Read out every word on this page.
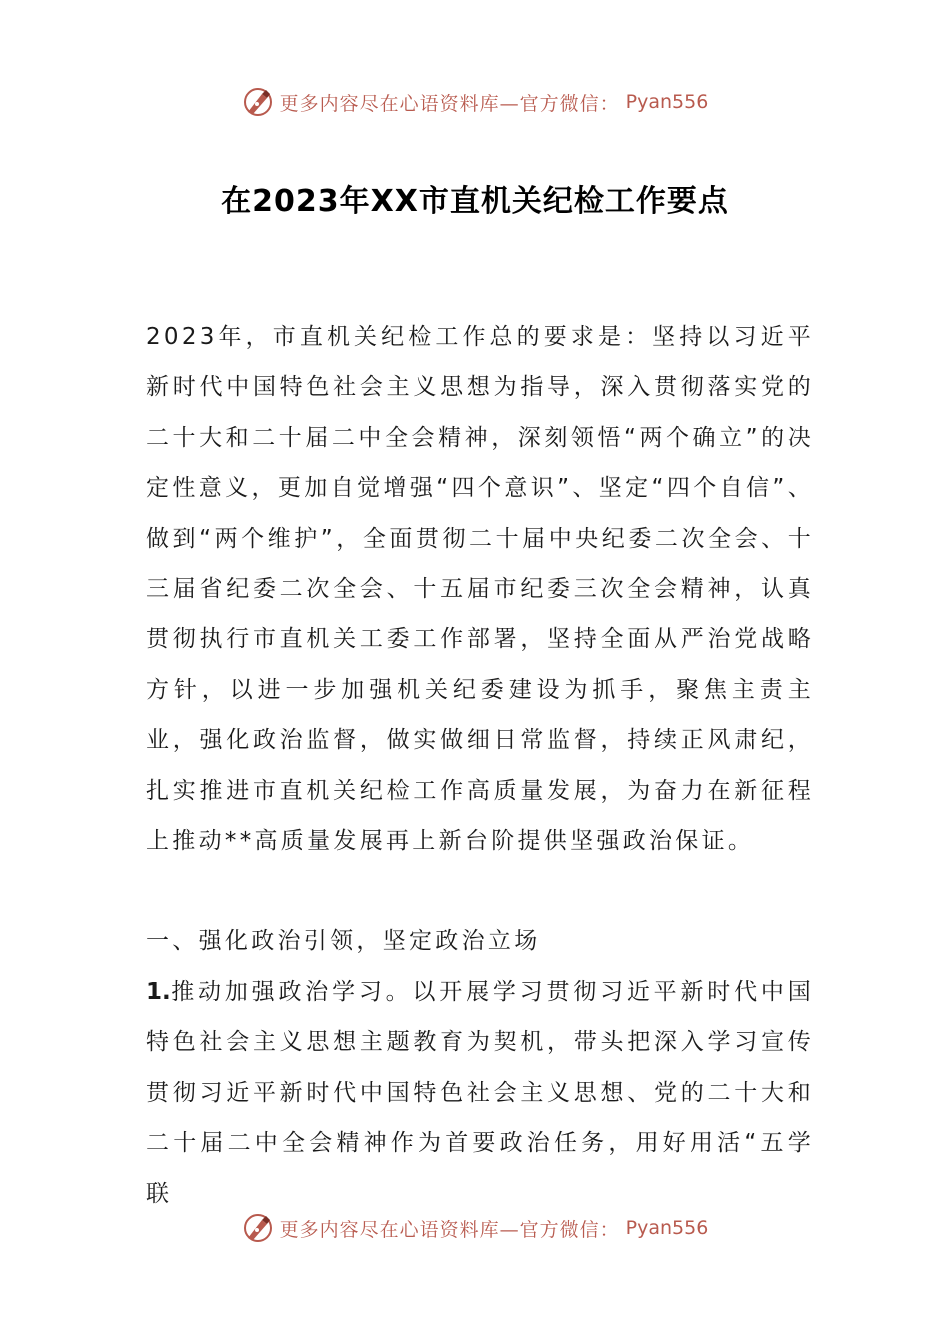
更多内容尽在心语资料库—官方微信： Pyan556
在2023年XX市直机关纪检工作要点

2023年，市直机关纪检工作总的要求是：坚持以习近平新时代中国特色社会主义思想为指导，深入贯彻落实党的二十大和二十届二中全会精神，深刻领悟“两个确立”的决定性意义，更加自觉增强“四个意识”、坚定“四个自信”、做到“两个维护”，全面贯彻二十届中央纪委二次全会、十三届省纪委二次全会、十五届市纪委三次全会精神，认真贯彻执行市直机关工委工作部署，坚持全面从严治党战略方针，以进一步加强机关纪委建设为抓手，聚焦主责主业，强化政治监督，做实做细日常监督，持续正风肃纪，扎实推进市直机关纪检工作高质量发展，为奋力在新征程上推动**高质量发展再上新台阶提供坚强政治保证。

一、强化政治引领，坚定政治立场

1.推动加强政治学习。以开展学习贯彻习近平新时代中国特色社会主义思想主题教育为契机，带头把深入学习宣传贯彻习近平新时代中国特色社会主义思想、党的二十大和二十届二中全会精神作为首要政治任务，用好用活“五学联

更多内容尽在心语资料库—官方微信： Pyan556
